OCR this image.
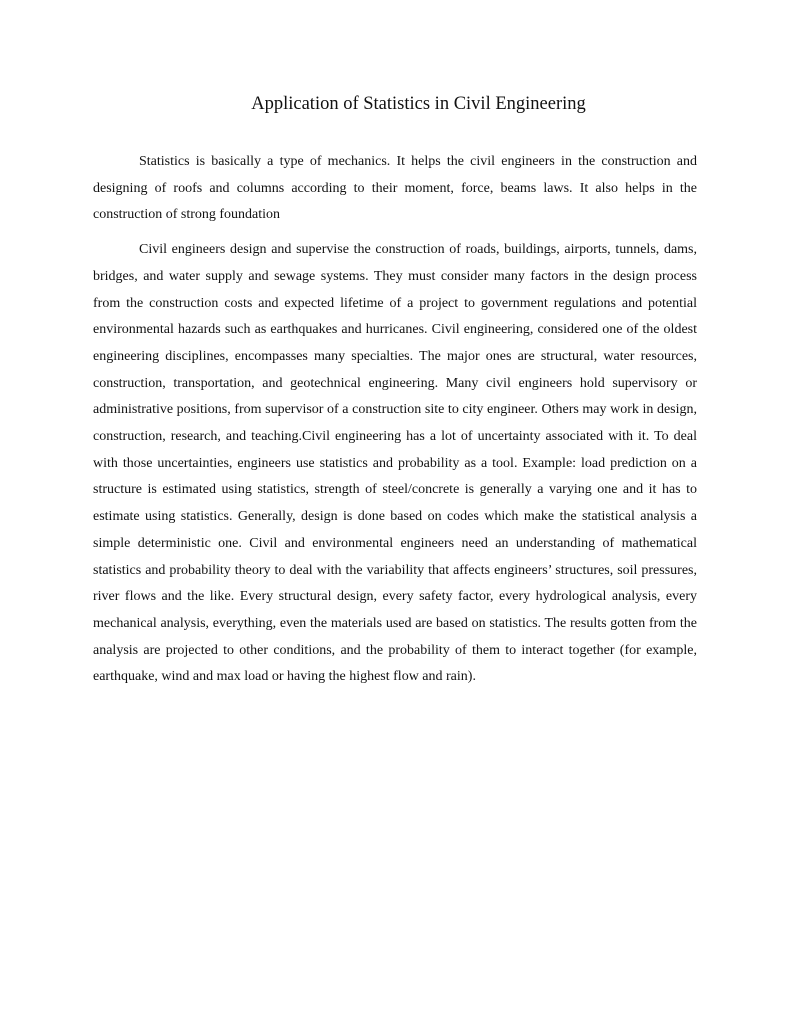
Application of Statistics in Civil Engineering

Statistics is basically a type of mechanics. It helps the civil engineers in the construction and designing of roofs and columns according to their moment, force, beams laws. It also helps in the construction of strong foundation

Civil engineers design and supervise the construction of roads, buildings, airports, tunnels, dams, bridges, and water supply and sewage systems. They must consider many factors in the design process from the construction costs and expected lifetime of a project to government regulations and potential environmental hazards such as earthquakes and hurricanes. Civil engineering, considered one of the oldest engineering disciplines, encompasses many specialties. The major ones are structural, water resources, construction, transportation, and geotechnical engineering. Many civil engineers hold supervisory or administrative positions, from supervisor of a construction site to city engineer. Others may work in design, construction, research, and teaching.Civil engineering has a lot of uncertainty associated with it. To deal with those uncertainties, engineers use statistics and probability as a tool. Example: load prediction on a structure is estimated using statistics, strength of steel/concrete is generally a varying one and it has to estimate using statistics. Generally, design is done based on codes which make the statistical analysis a simple deterministic one. Civil and environmental engineers need an understanding of mathematical statistics and probability theory to deal with the variability that affects engineers’ structures, soil pressures, river flows and the like. Every structural design, every safety factor, every hydrological analysis, every mechanical analysis, everything, even the materials used are based on statistics. The results gotten from the analysis are projected to other conditions, and the probability of them to interact together (for example, earthquake, wind and max load or having the highest flow and rain).
